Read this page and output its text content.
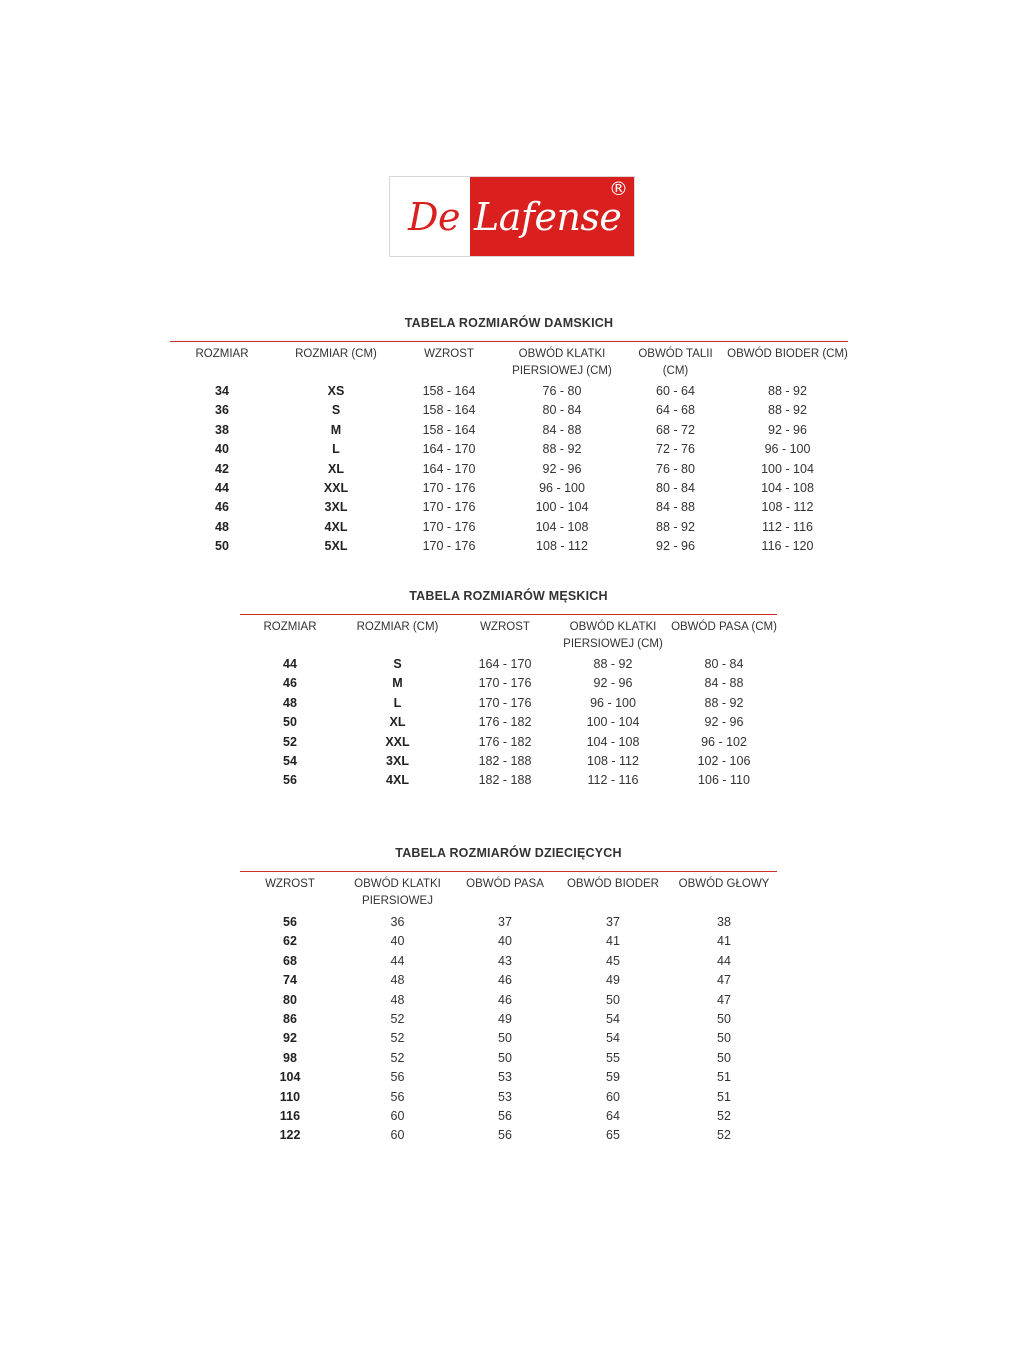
De Lafense
®
TABELA ROZMIARÓW DAMSKICH
ROZMIAR	ROZMIAR (CM)	WZROST	OBWÓD KLATKI PIERSIOWEJ (CM)	OBWÓD TALII (CM)	OBWÓD BIODER (CM)
34	XS	158 - 164	76 - 80	60 - 64	88 - 92
36	S	158 - 164	80 - 84	64 - 68	88 - 92
38	M	158 - 164	84 - 88	68 - 72	92 - 96
40	L	164 - 170	88 - 92	72 - 76	96 - 100
42	XL	164 - 170	92 - 96	76 - 80	100 - 104
44	XXL	170 - 176	96 - 100	80 - 84	104 - 108
46	3XL	170 - 176	100 - 104	84 - 88	108 - 112
48	4XL	170 - 176	104 - 108	88 - 92	112 - 116
50	5XL	170 - 176	108 - 112	92 - 96	116 - 120
TABELA ROZMIARÓW MĘSKICH
ROZMIAR	ROZMIAR (CM)	WZROST	OBWÓD KLATKI PIERSIOWEJ (CM)	OBWÓD PASA (CM)
44	S	164 - 170	88 - 92	80 - 84
46	M	170 - 176	92 - 96	84 - 88
48	L	170 - 176	96 - 100	88 - 92
50	XL	176 - 182	100 - 104	92 - 96
52	XXL	176 - 182	104 - 108	96 - 102
54	3XL	182 - 188	108 - 112	102 - 106
56	4XL	182 - 188	112 - 116	106 - 110
TABELA ROZMIARÓW DZIECIĘCYCH
WZROST	OBWÓD KLATKI PIERSIOWEJ	OBWÓD PASA	OBWÓD BIODER	OBWÓD GŁOWY
56	36	37	37	38
62	40	40	41	41
68	44	43	45	44
74	48	46	49	47
80	48	46	50	47
86	52	49	54	50
92	52	50	54	50
98	52	50	55	50
104	56	53	59	51
110	56	53	60	51
116	60	56	64	52
122	60	56	65	52
